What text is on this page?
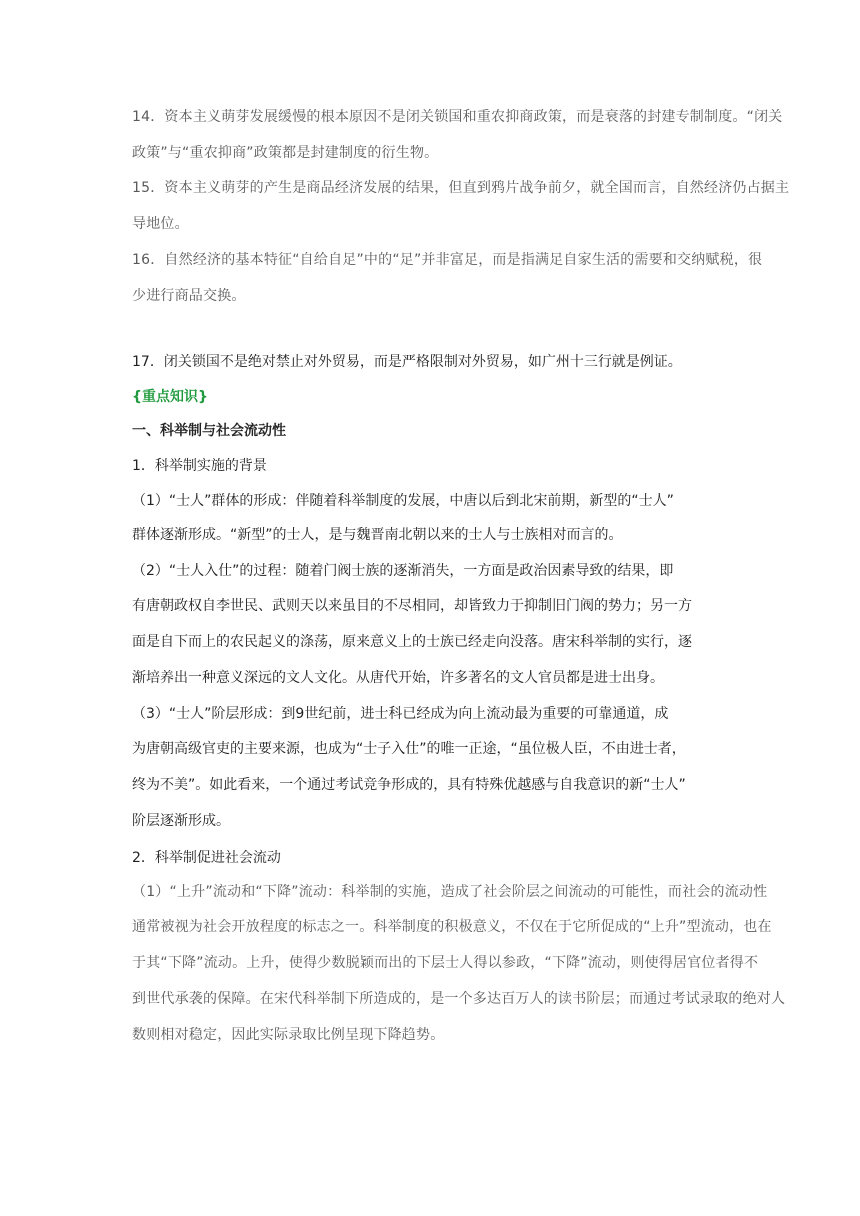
14．资本主义萌芽发展缓慢的根本原因不是闭关锁国和重农抑商政策，而是衰落的封建专制制度。“闭关
政策”与“重农抑商”政策都是封建制度的衍生物。
15．资本主义萌芽的产生是商品经济发展的结果，但直到鸦片战争前夕，就全国而言，自然经济仍占据主
导地位。
16．自然经济的基本特征“自给自足”中的“足”并非富足，而是指满足自家生活的需要和交纳赋税，很
少进行商品交换。
17．闭关锁国不是绝对禁止对外贸易，而是严格限制对外贸易，如广州十三行就是例证。
{重点知识}
一、科举制与社会流动性
1．科举制实施的背景
（1）“士人”群体的形成：伴随着科举制度的发展，中唐以后到北宋前期，新型的“士人”
群体逐渐形成。“新型”的士人，是与魏晋南北朝以来的士人与士族相对而言的。
（2）“士人入仕”的过程：随着门阀士族的逐渐消失，一方面是政治因素导致的结果，即
有唐朝政权自李世民、武则天以来虽目的不尽相同，却皆致力于抑制旧门阀的势力；另一方
面是自下而上的农民起义的涤荡，原来意义上的士族已经走向没落。唐宋科举制的实行，逐
渐培养出一种意义深远的文人文化。从唐代开始，许多著名的文人官员都是进士出身。
（3）“士人”阶层形成：到9世纪前，进士科已经成为向上流动最为重要的可靠通道，成
为唐朝高级官吏的主要来源，也成为“士子入仕”的唯一正途，“虽位极人臣，不由进士者，
终为不美”。如此看来，一个通过考试竞争形成的，具有特殊优越感与自我意识的新“士人”
阶层逐渐形成。
2．科举制促进社会流动
（1）“上升”流动和“下降”流动：科举制的实施，造成了社会阶层之间流动的可能性，而社会的流动性
通常被视为社会开放程度的标志之一。科举制度的积极意义，不仅在于它所促成的“上升”型流动，也在
于其“下降”流动。上升，使得少数脱颖而出的下层士人得以参政，“下降”流动，则使得居官位者得不
到世代承袭的保障。在宋代科举制下所造成的，是一个多达百万人的读书阶层；而通过考试录取的绝对人
数则相对稳定，因此实际录取比例呈现下降趋势。
